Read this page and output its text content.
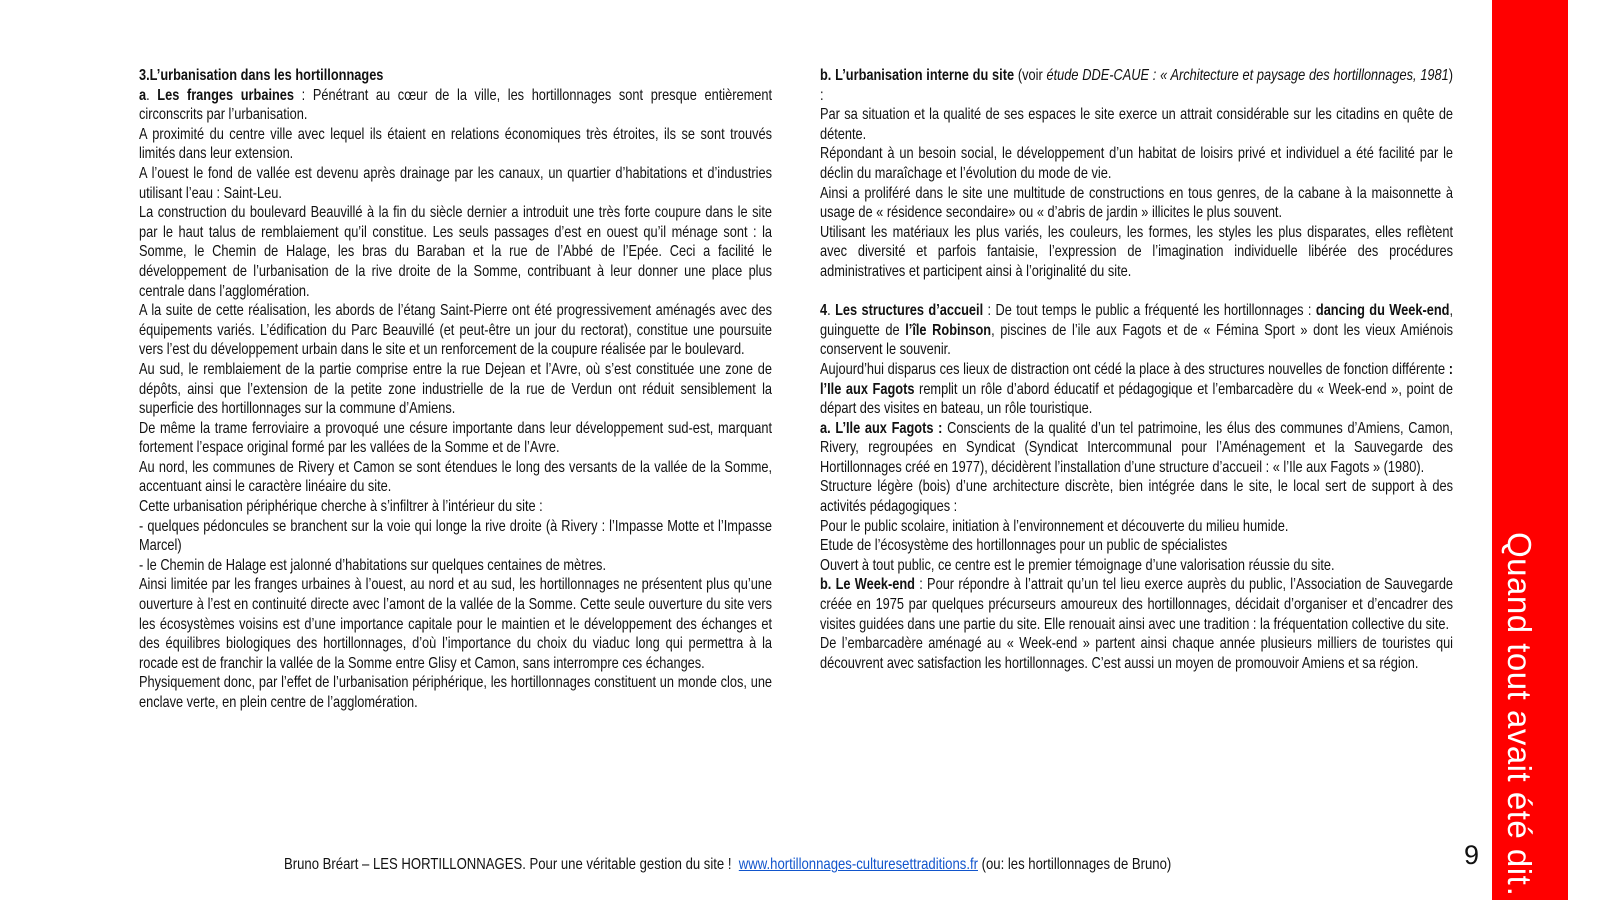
3.L’urbanisation dans les hortillonnages

a. Les franges urbaines : Pénétrant au cœur de la ville, les hortillonnages sont presque entièrement circonscrits par l’urbanisation.

A proximité du centre ville avec lequel ils étaient en relations économiques très étroites, ils se sont trouvés limités dans leur extension.

A l’ouest le fond de vallée est devenu après drainage par les canaux, un quartier d’habitations et d’industries utilisant l’eau : Saint-Leu.

La construction du boulevard Beauvillé à la fin du siècle dernier a introduit une très forte coupure dans le site par le haut talus de remblaiement qu’il constitue. Les seuls passages d’est en ouest qu’il ménage sont : la Somme, le Chemin de Halage, les bras du Baraban et la rue de l’Abbé de l’Epée. Ceci a facilité le développement de l’urbanisation de la rive droite de la Somme, contribuant à leur donner une place plus centrale dans l’agglomération.

A la suite de cette réalisation, les abords de l’étang Saint-Pierre ont été progressivement aménagés avec des équipements variés. L’édification du Parc Beauvillé (et peut-être un jour du rectorat), constitue une poursuite vers l’est du développement urbain dans le site et un renforcement de la coupure réalisée par le boulevard.

Au sud, le remblaiement de la partie comprise entre la rue Dejean et l’Avre, où s’est constituée une zone de dépôts, ainsi que l’extension de la petite zone industrielle de la rue de Verdun ont réduit sensiblement la superficie des hortillonnages sur la commune d’Amiens.

De même la trame ferroviaire a provoqué une césure importante dans leur développement sud-est, marquant fortement l’espace original formé par les vallées de la Somme et de l’Avre.

Au nord, les communes de Rivery et Camon se sont étendues le long des versants de la vallée de la Somme, accentuant ainsi le caractère linéaire du site.

Cette urbanisation périphérique cherche à s’infiltrer à l’intérieur du site :

- quelques pédoncules se branchent sur la voie qui longe la rive droite (à Rivery : l’Impasse Motte et l’Impasse Marcel)

- le Chemin de Halage est jalonné d’habitations sur quelques centaines de mètres.

Ainsi limitée par les franges urbaines à l’ouest, au nord et au sud, les hortillonnages ne présentent plus qu’une ouverture à l’est en continuité directe avec l’amont de la vallée de la Somme. Cette seule ouverture du site vers les écosystèmes voisins est d’une importance capitale pour le maintien et le développement des échanges et des équilibres biologiques des hortillonnages, d’où l’importance du choix du viaduc long qui permettra à la rocade est de franchir la vallée de la Somme entre Glisy et Camon, sans interrompre ces échanges.

Physiquement donc, par l’effet de l’urbanisation périphérique, les hortillonnages constituent un monde clos, une enclave verte, en plein centre de l’agglomération.

b. L’urbanisation interne du site (voir étude DDE-CAUE : « Architecture et paysage des hortillonnages, 1981) :

Par sa situation et la qualité de ses espaces le site exerce un attrait considérable sur les citadins en quête de détente.

Répondant à un besoin social, le développement d’un habitat de loisirs privé et individuel a été facilité par le déclin du maraîchage et l’évolution du mode de vie.

Ainsi a proliféré dans le site une multitude de constructions en tous genres, de la cabane à la maisonnette à usage de « résidence secondaire» ou « d’abris de jardin » illicites le plus souvent.

Utilisant les matériaux les plus variés, les couleurs, les formes, les styles les plus disparates, elles reflètent avec diversité et parfois fantaisie, l’expression de l’imagination individuelle libérée des procédures administratives et participent ainsi à l’originalité du site.

4. Les structures d’accueil : De tout temps le public a fréquenté les hortillonnages : dancing du Week-end, guinguette de l’île Robinson, piscines de l’ile aux Fagots et de « Fémina Sport » dont les vieux Amiénois conservent le souvenir.

Aujourd’hui disparus ces lieux de distraction ont cédé la place à des structures nouvelles de fonction différente : l’Ile aux Fagots remplit un rôle d’abord éducatif et pédagogique et l’embarcadère du « Week-end », point de départ des visites en bateau, un rôle touristique.

a. L’Ile aux Fagots : Conscients de la qualité d’un tel patrimoine, les élus des communes d’Amiens, Camon, Rivery, regroupées en Syndicat (Syndicat Intercommunal pour l’Aménagement et la Sauvegarde des Hortillonnages créé en 1977), décidèrent l’installation d’une structure d’accueil : « l’Ile aux Fagots » (1980).

Structure légère (bois) d’une architecture discrète, bien intégrée dans le site, le local sert de support à des activités pédagogiques :

Pour le public scolaire, initiation à l’environnement et découverte du milieu humide.

Etude de l’écosystème des hortillonnages pour un public de spécialistes

Ouvert à tout public, ce centre est le premier témoignage d’une valorisation réussie du site.

b. Le Week-end : Pour répondre à l’attrait qu’un tel lieu exerce auprès du public, l’Association de Sauvegarde créée en 1975 par quelques précurseurs amoureux des hortillonnages, décidait d’organiser et d’encadrer des visites guidées dans une partie du site. Elle renouait ainsi avec une tradition : la fréquentation collective du site.

De l’embarcadère aménagé au « Week-end » partent ainsi chaque année plusieurs milliers de touristes qui découvrent avec satisfaction les hortillonnages. C’est aussi un moyen de promouvoir Amiens et sa région.

Bruno Bréart – LES HORTILLONNAGES. Pour une véritable gestion du site ! www.hortillonnages-culturesettraditions.fr (ou: les hortillonnages de Bruno)	9 Quand tout avait été dit…
